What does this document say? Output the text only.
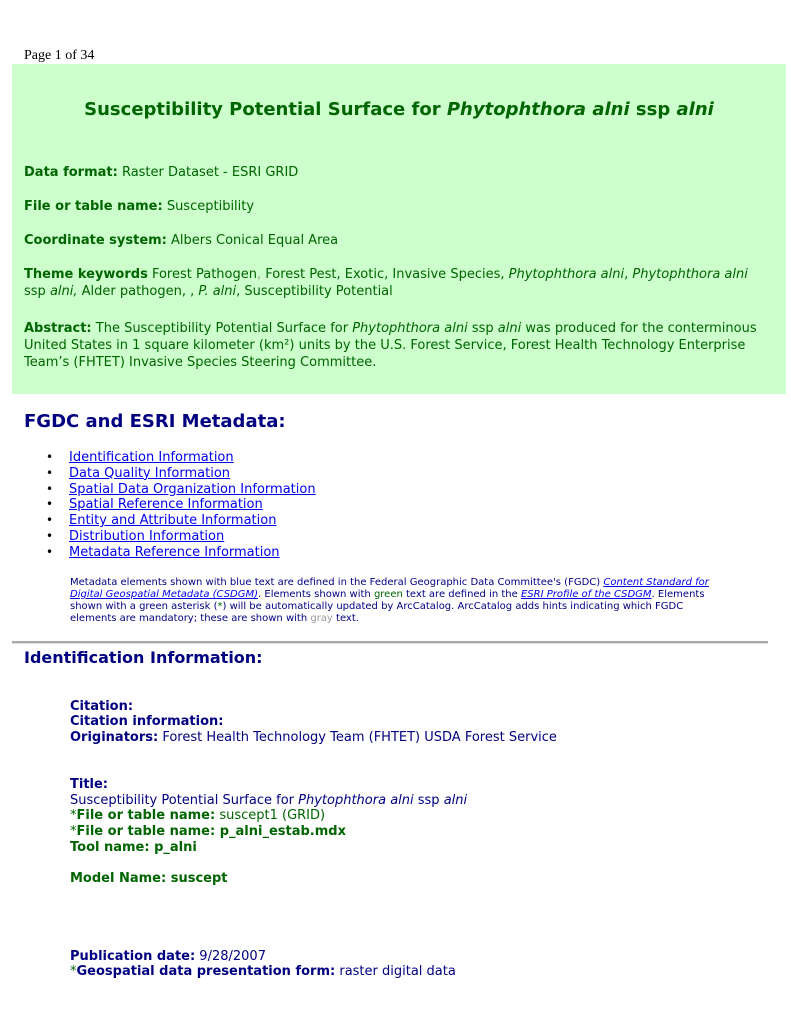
Page 1 of 34
Susceptibility Potential Surface for Phytophthora alni ssp alni
Data format: Raster Dataset - ESRI GRID
File or table name: Susceptibility
Coordinate system: Albers Conical Equal Area
Theme keywords Forest Pathogen, Forest Pest, Exotic, Invasive Species, Phytophthora alni, Phytophthora alni
ssp alni, Alder pathogen, , P. alni, Susceptibility Potential
Abstract: The Susceptibility Potential Surface for Phytophthora alni ssp alni was produced for the conterminous
United States in 1 square kilometer (km²) units by the U.S. Forest Service, Forest Health Technology Enterprise
Team’s (FHTET) Invasive Species Steering Committee.
FGDC and ESRI Metadata:
• Identification Information
• Data Quality Information
• Spatial Data Organization Information
• Spatial Reference Information
• Entity and Attribute Information
• Distribution Information
• Metadata Reference Information
Metadata elements shown with blue text are defined in the Federal Geographic Data Committee's (FGDC) Content Standard for Digital Geospatial Metadata (CSDGM). Elements shown with green text are defined in the ESRI Profile of the CSDGM. Elements shown with a green asterisk (*) will be automatically updated by ArcCatalog. ArcCatalog adds hints indicating which FGDC elements are mandatory; these are shown with gray text.
Identification Information:
Citation:
Citation information:
Originators: Forest Health Technology Team (FHTET) USDA Forest Service
Title:
Susceptibility Potential Surface for Phytophthora alni ssp alni
*File or table name: suscept1 (GRID)
*File or table name: p_alni_estab.mdx
Tool name: p_alni
Model Name: suscept
Publication date: 9/28/2007
*Geospatial data presentation form: raster digital data
